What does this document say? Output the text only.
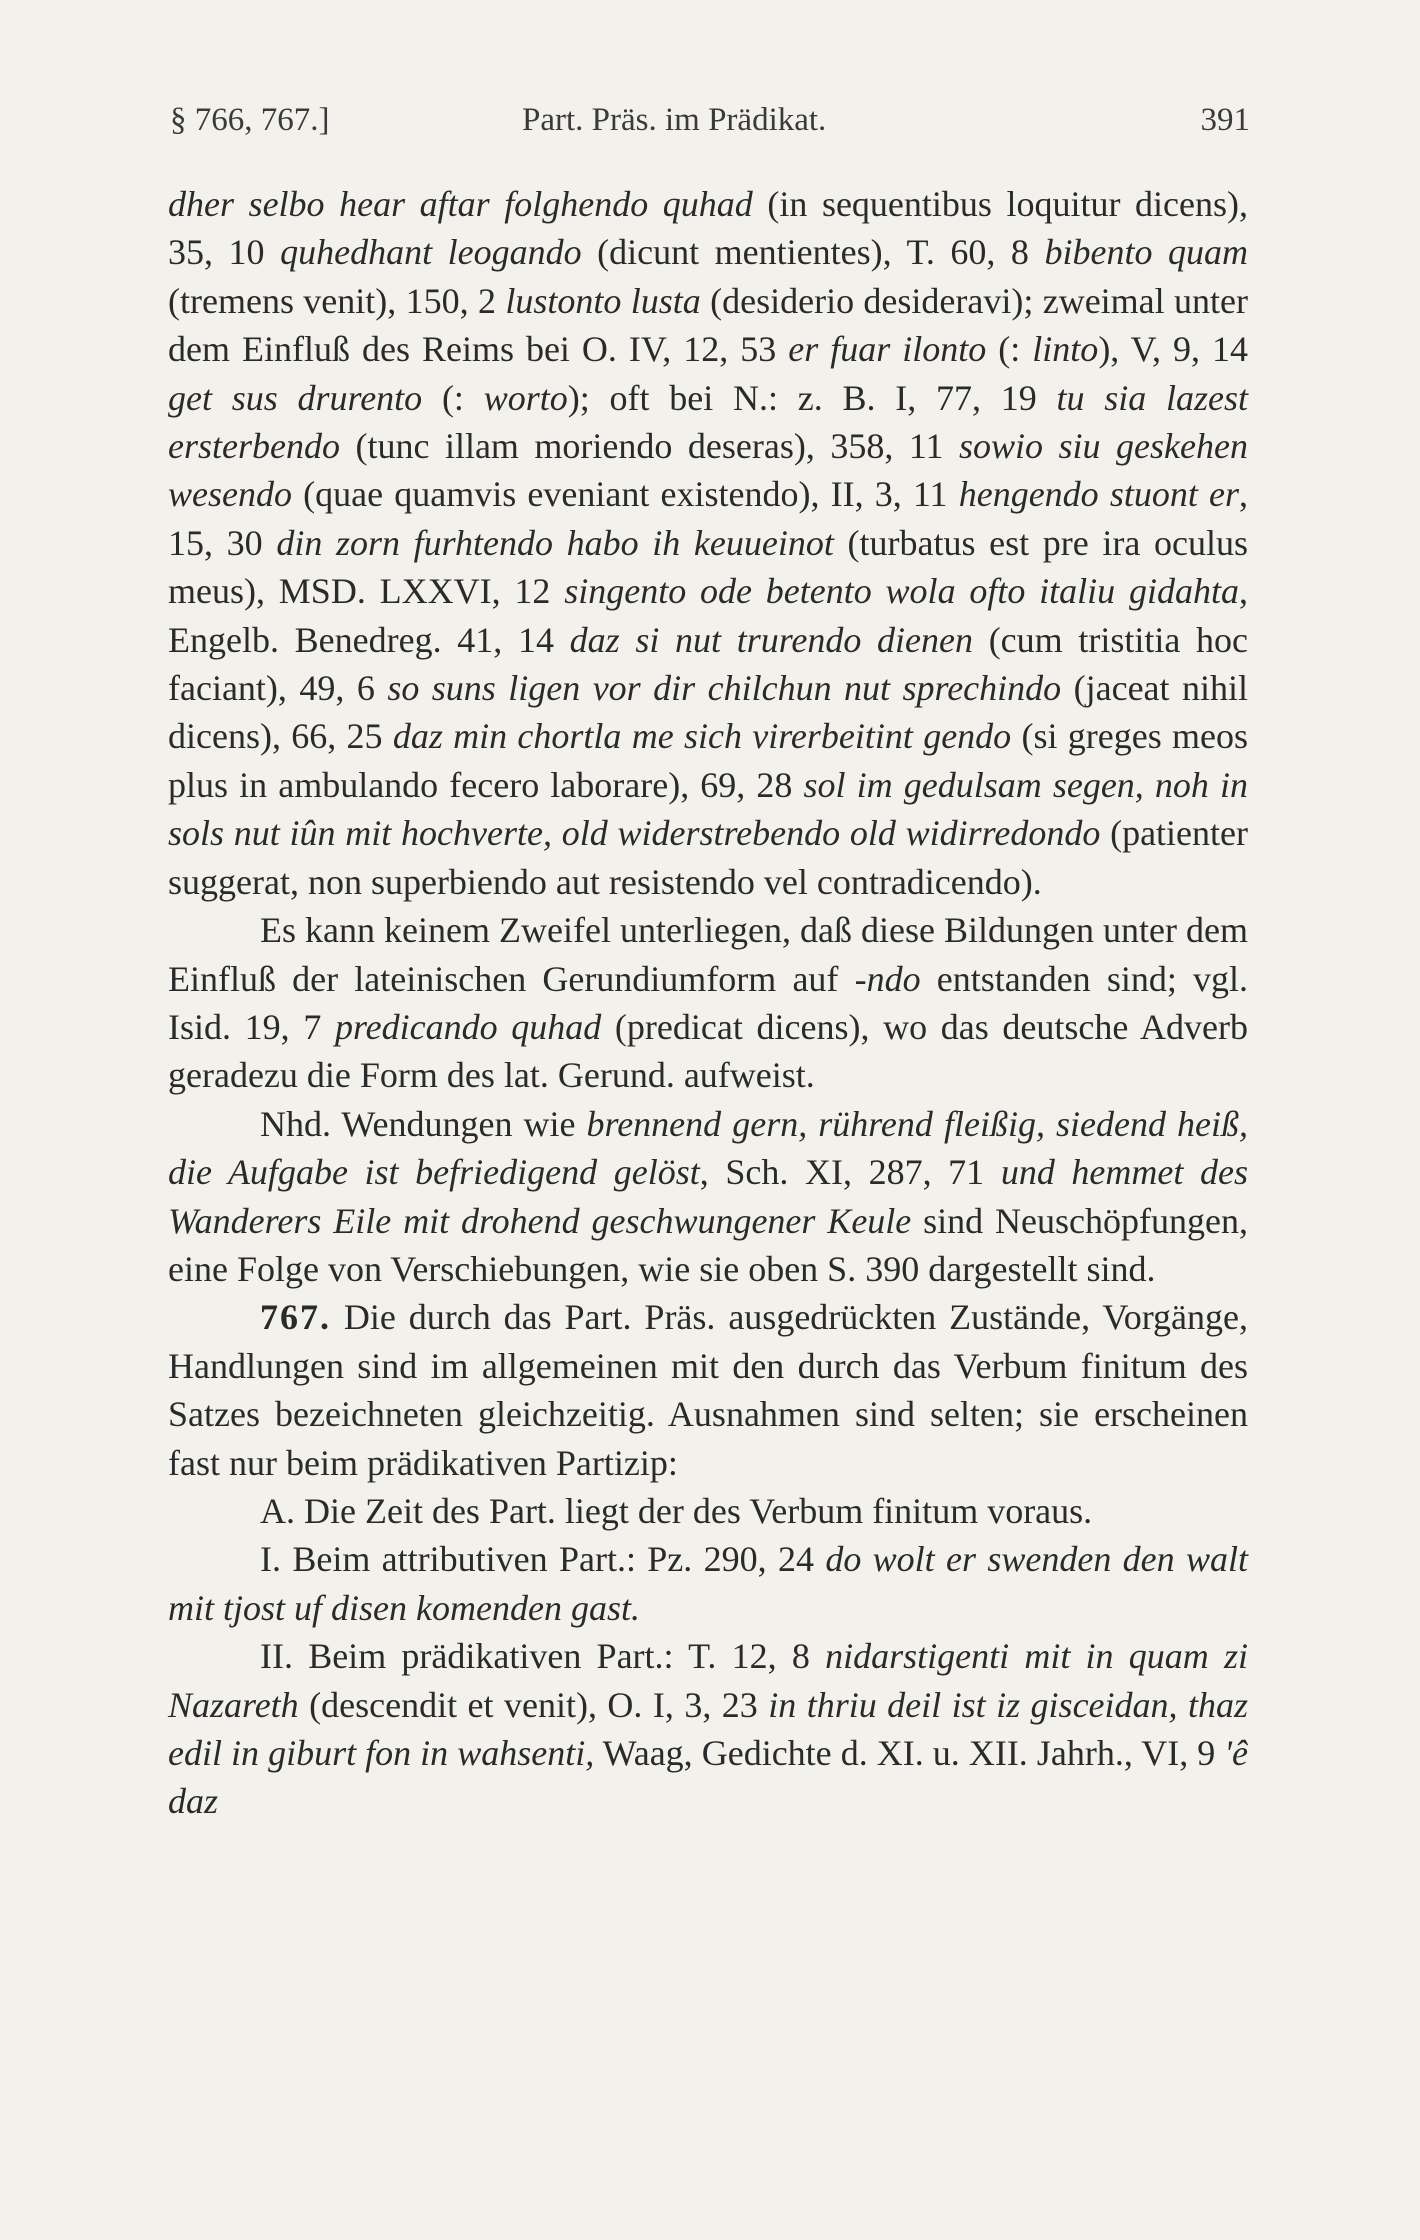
§ 766, 767.]	Part. Präs. im Prädikat.	391

dher selbo hear aftar folghendo quhad (in sequentibus loquitur dicens), 35, 10 quhedhant leogando (dicunt mentientes), T. 60, 8 bibento quam (tremens venit), 150, 2 lustonto lusta (desiderio desideravi); zweimal unter dem Einfluß des Reims bei O. IV, 12, 53 er fuar ilonto (: linto), V, 9, 14 get sus drurento (: worto); oft bei N.: z. B. I, 77, 19 tu sia lazest ersterbendo (tunc illam moriendo deseras), 358, 11 sowio siu geskehen wesendo (quae quamvis eveniant existendo), II, 3, 11 hengendo stuont er, 15, 30 din zorn furhtendo habo ih keuueinot (turbatus est pre ira oculus meus), MSD. LXXVI, 12 singento ode betento wola ofto italiu gidahta, Engelb. Benedreg. 41, 14 daz si nut trurendo dienen (cum tristitia hoc faciant), 49, 6 so suns ligen vor dir chilchun nut sprechindo (jaceat nihil dicens), 66, 25 daz min chortla me sich virerbeitint gendo (si greges meos plus in ambulando fecero laborare), 69, 28 sol im gedulsam segen, noh in sols nut iûn mit hochverte, old widerstrebendo old widirredondo (patienter suggerat, non superbiendo aut resistendo vel contradicendo).

Es kann keinem Zweifel unterliegen, daß diese Bildungen unter dem Einfluß der lateinischen Gerundiumform auf -ndo entstanden sind; vgl. Isid. 19, 7 predicando quhad (predicat dicens), wo das deutsche Adverb geradezu die Form des lat. Gerund. aufweist.

Nhd. Wendungen wie brennend gern, rührend fleißig, siedend heiß, die Aufgabe ist befriedigend gelöst, Sch. XI, 287, 71 und hemmet des Wanderers Eile mit drohend geschwungener Keule sind Neuschöpfungen, eine Folge von Verschiebungen, wie sie oben S. 390 dargestellt sind.

767. Die durch das Part. Präs. ausgedrückten Zustände, Vorgänge, Handlungen sind im allgemeinen mit den durch das Verbum finitum des Satzes bezeichneten gleichzeitig. Ausnahmen sind selten; sie erscheinen fast nur beim prädikativen Partizip:

A. Die Zeit des Part. liegt der des Verbum finitum voraus.

I. Beim attributiven Part.: Pz. 290, 24 do wolt er swenden den walt mit tjost uf disen komenden gast.

II. Beim prädikativen Part.: T. 12, 8 nidarstigenti mit in quam zi Nazareth (descendit et venit), O. I, 3, 23 in thriu deil ist iz gisceidan, thaz edil in giburt fon in wahsenti, Waag, Gedichte d. XI. u. XII. Jahrh., VI, 9 'ê daz
